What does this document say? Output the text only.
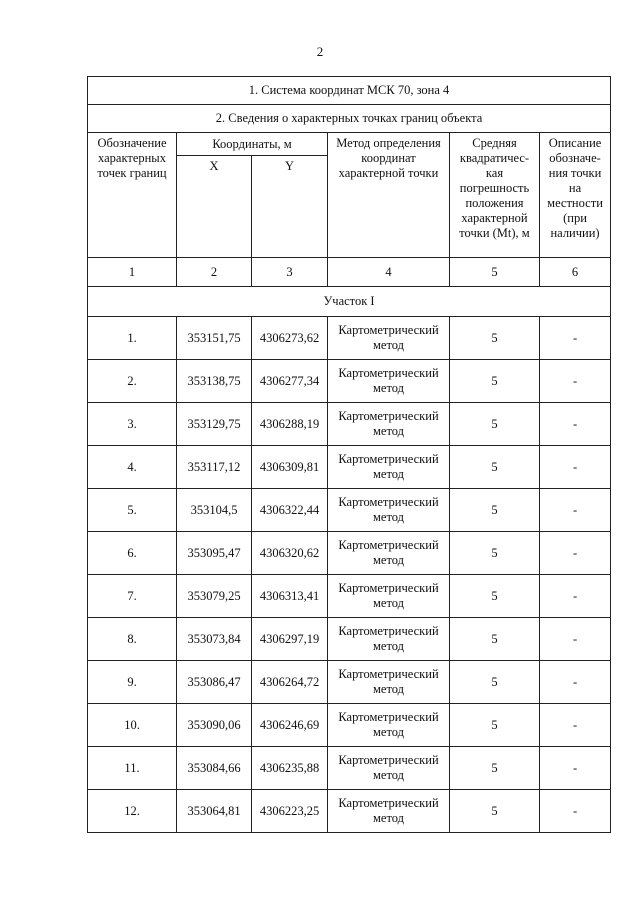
2
1. Система координат МСК 70, зона 4					
2. Сведения о характерных точках границ объекта					
Обозначение характерных точек границ	Координаты, м		Метод определения координат характерной точки	Средняя квадратичес-кая погрешность положения характерной точки (Mt), м	Описание обозначе-ния точки на местности (при наличии)
	X	Y			
1	2	3	4	5	6
Участок I					
1.	353151,75	4306273,62	Картометрический метод	5	-
2.	353138,75	4306277,34	Картометрический метод	5	-
3.	353129,75	4306288,19	Картометрический метод	5	-
4.	353117,12	4306309,81	Картометрический метод	5	-
5.	353104,5	4306322,44	Картометрический метод	5	-
6.	353095,47	4306320,62	Картометрический метод	5	-
7.	353079,25	4306313,41	Картометрический метод	5	-
8.	353073,84	4306297,19	Картометрический метод	5	-
9.	353086,47	4306264,72	Картометрический метод	5	-
10.	353090,06	4306246,69	Картометрический метод	5	-
11.	353084,66	4306235,88	Картометрический метод	5	-
12.	353064,81	4306223,25	Картометрический метод	5	-
